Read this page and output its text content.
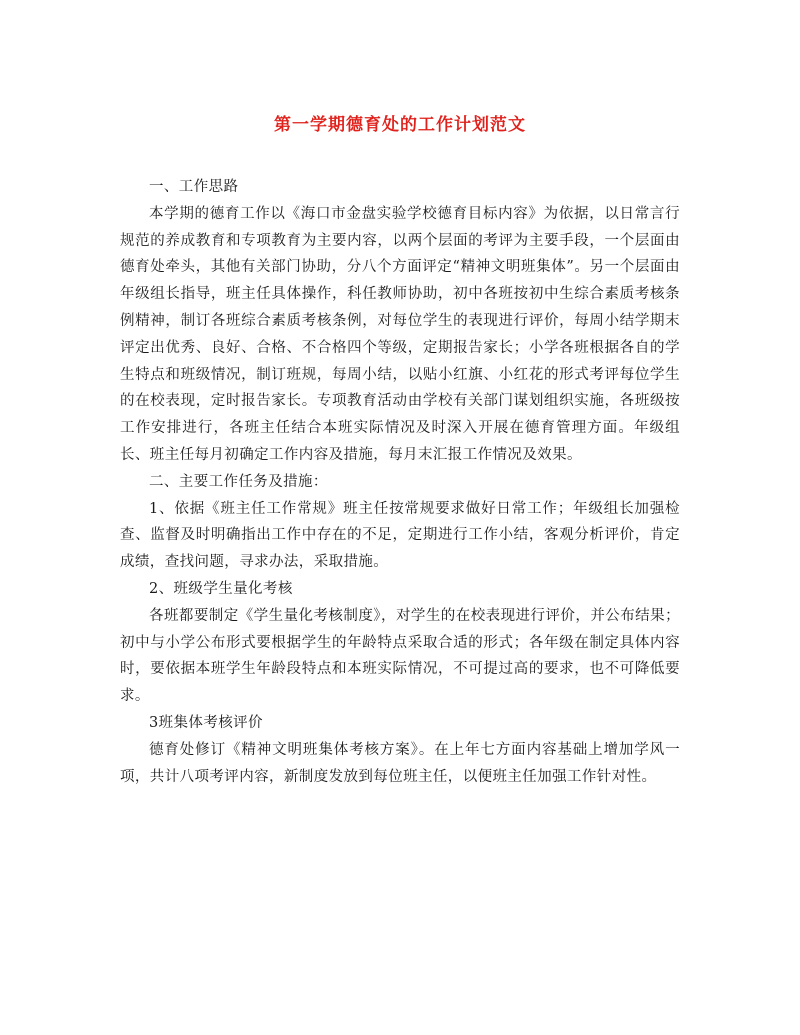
第一学期德育处的工作计划范文

一、工作思路

本学期的德育工作以《海口市金盘实验学校德育目标内容》为依据，以日常言行规范的养成教育和专项教育为主要内容，以两个层面的考评为主要手段，一个层面由德育处牵头，其他有关部门协助，分八个方面评定“精神文明班集体”。另一个层面由年级组长指导，班主任具体操作，科任教师协助，初中各班按初中生综合素质考核条例精神，制订各班综合素质考核条例，对每位学生的表现进行评价，每周小结学期末评定出优秀、良好、合格、不合格四个等级，定期报告家长；小学各班根据各自的学生特点和班级情况，制订班规，每周小结，以贴小红旗、小红花的形式考评每位学生的在校表现，定时报告家长。专项教育活动由学校有关部门谋划组织实施，各班级按工作安排进行，各班主任结合本班实际情况及时深入开展在德育管理方面。年级组长、班主任每月初确定工作内容及措施，每月末汇报工作情况及效果。

二、主要工作任务及措施：

1、依据《班主任工作常规》班主任按常规要求做好日常工作；年级组长加强检查、监督及时明确指出工作中存在的不足，定期进行工作小结，客观分析评价，肯定成绩，查找问题，寻求办法，采取措施。

2、班级学生量化考核

各班都要制定《学生量化考核制度》，对学生的在校表现进行评价，并公布结果；初中与小学公布形式要根据学生的年龄特点采取合适的形式；各年级在制定具体内容时，要依据本班学生年龄段特点和本班实际情况，不可提过高的要求，也不可降低要求。

3班集体考核评价

德育处修订《精神文明班集体考核方案》。在上年七方面内容基础上增加学风一项，共计八项考评内容，新制度发放到每位班主任，以便班主任加强工作针对性。
